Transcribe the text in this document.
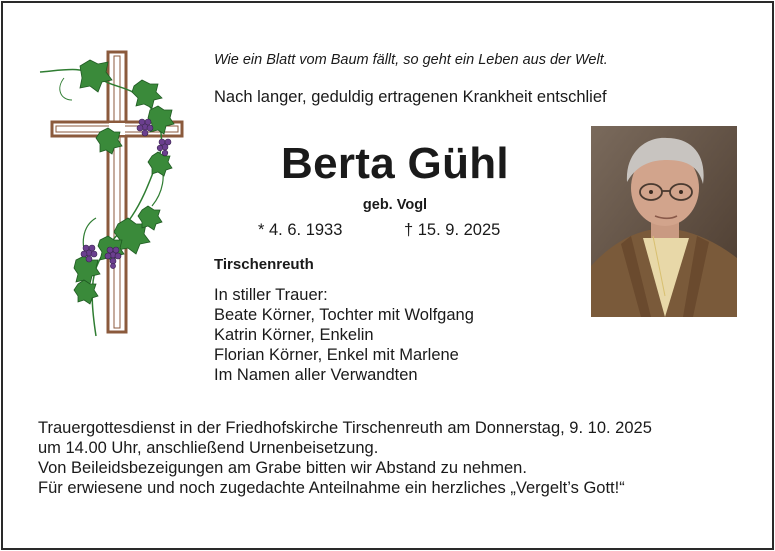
Wie ein Blatt vom Baum fällt, so geht ein Leben aus der Welt.
Nach langer, geduldig ertragenen Krankheit entschlief
Berta Gühl
geb. Vogl
* 4. 6. 1933	† 15. 9. 2025
Tirschenreuth
In stiller Trauer:
Beate Körner, Tochter mit Wolfgang
Katrin Körner, Enkelin
Florian Körner, Enkel mit Marlene
Im Namen aller Verwandten
Trauergottesdienst in der Friedhofskirche Tirschenreuth am Donnerstag, 9. 10. 2025
um 14.00 Uhr, anschließend Urnenbeisetzung.
Von Beileidsbezeigungen am Grabe bitten wir Abstand zu nehmen.
Für erwiesene und noch zugedachte Anteilnahme ein herzliches „Vergelt’s Gott!“
